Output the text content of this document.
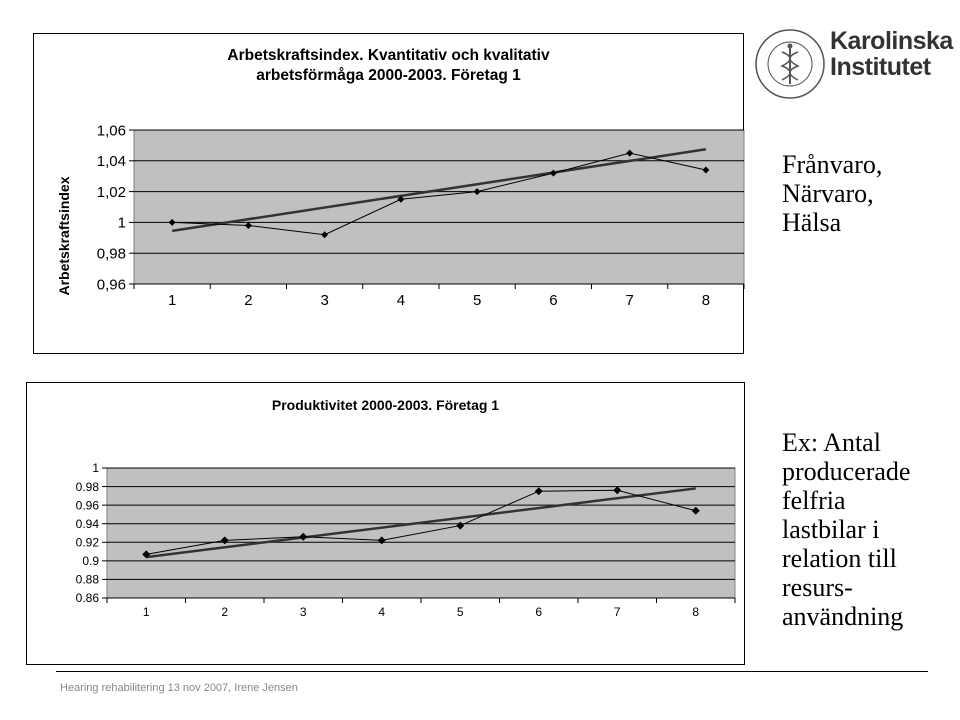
Arbetskraftsindex. Kvantitativ och kvalitativ
arbetsförmåga 2000-2003. Företag 1
Arbetskraftsindex
1,06
1,04
1,02
1
0,98
0,96
1	2	3	4	5	6	7	8
Produktivitet 2000-2003. Företag 1
1
0.98
0.96
0.94
0.92
0.9
0.88
0.86
1	2	3	4	5	6	7	8
Karolinska
Institutet
Frånvaro,
Närvaro,
Hälsa
Ex: Antal
producerade
felfria
lastbilar i
relation till
resurs-
användning
Hearing rehabilitering 13 nov 2007, Irene Jensen
